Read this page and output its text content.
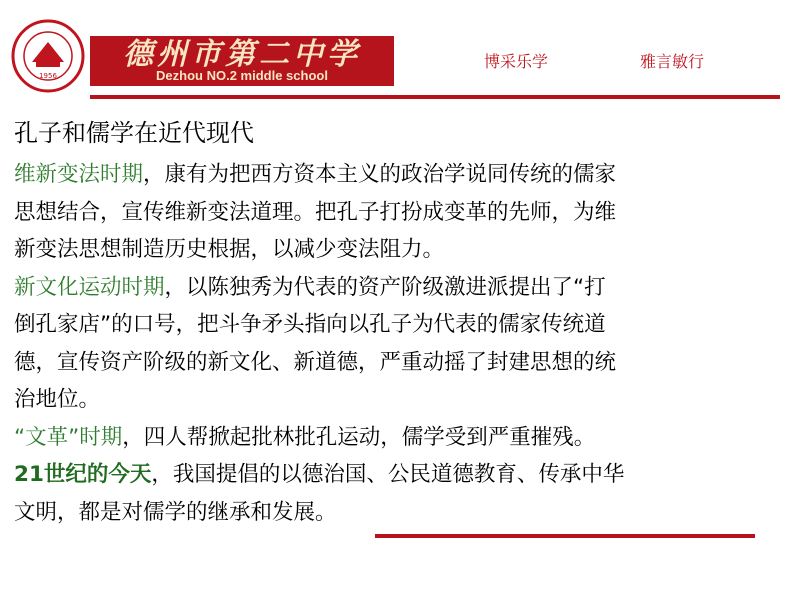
1956
德州市第二中学
Dezhou NO.2 middle school
博采乐学	雅言敏行
孔子和儒学在近代现代

维新变法时期，康有为把西方资本主义的政治学说同传统的儒家

思想结合，宣传维新变法道理。把孔子打扮成变革的先师，为维

新变法思想制造历史根据，以减少变法阻力。

新文化运动时期，以陈独秀为代表的资产阶级激进派提出了“打

倒孔家店”的口号，把斗争矛头指向以孔子为代表的儒家传统道

德，宣传资产阶级的新文化、新道德，严重动摇了封建思想的统

治地位。

“文革”时期，四人帮掀起批林批孔运动，儒学受到严重摧残。

21世纪的今天，我国提倡的以德治国、公民道德教育、传承中华

文明，都是对儒学的继承和发展。
